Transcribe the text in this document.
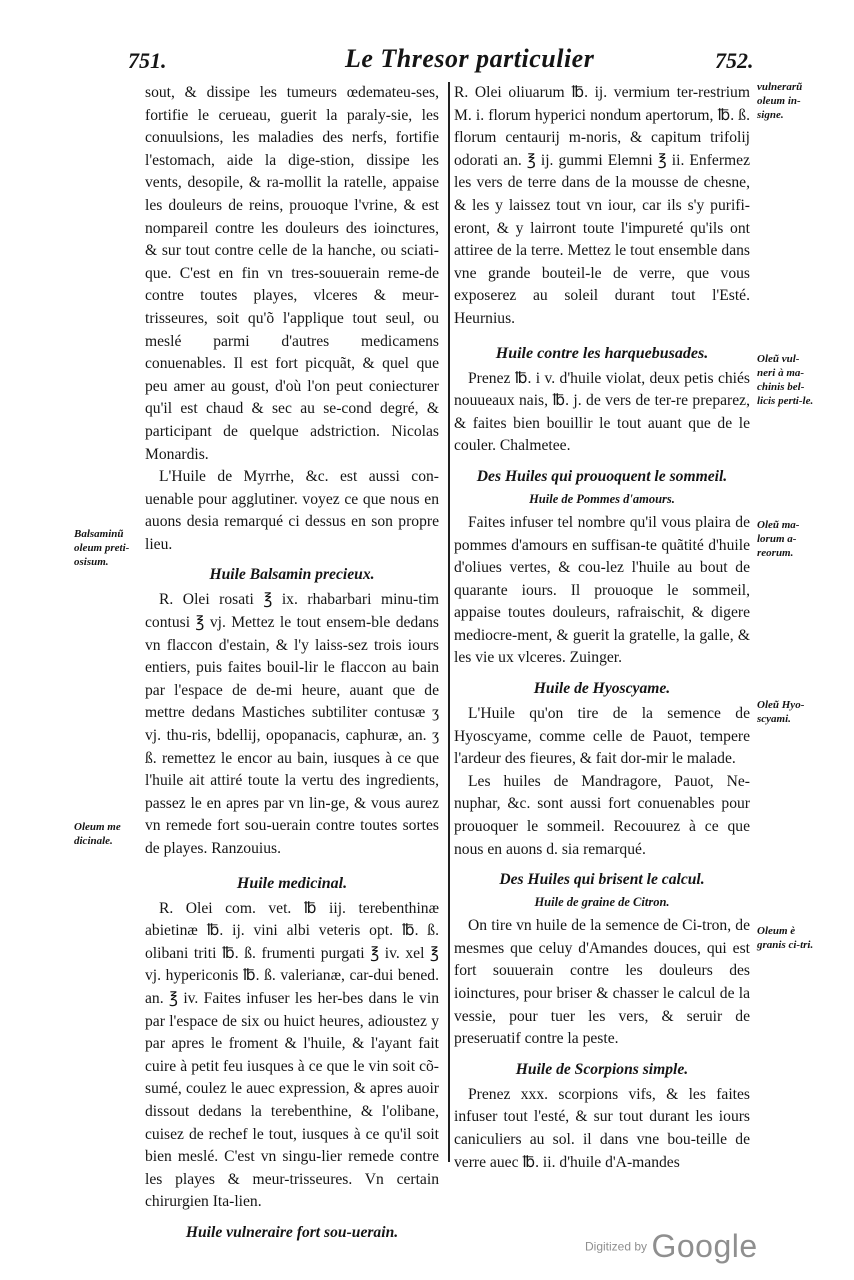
751.	Le Thresor particulier	752.

sout, & dissipe les tumeurs œdemateu-ses, fortifie le cerueau, guerit la paraly-sie, les conuulsions, les maladies des nerfs, fortifie l'estomach, aide la dige-stion, dissipe les vents, desopile, & ra-mollit la ratelle, appaise les douleurs de reins, prouoque l'vrine, & est nompareil contre les douleurs des ioinctures, & sur tout contre celle de la hanche, ou sciati-que. C'est en fin vn tres-souuerain reme-de contre toutes playes, vlceres & meur-trisseures, soit qu'õ l'applique tout seul, ou meslé parmi d'autres medicamens conuenables. Il est fort picquãt, & quel que peu amer au goust, d'où l'on peut coniecturer qu'il est chaud & sec au se-cond degré, & participant de quelque adstriction. Nicolas Monardis.

L'Huile de Myrrhe, &c. est aussi con-uenable pour agglutiner. voyez ce que nous en auons desia remarqué ci dessus en son propre lieu.

Huile Balsamin precieux.

R. Olei rosati ℥ ix. rhabarbari minu-tim contusi ℥ vj. Mettez le tout ensem-ble dedans vn flaccon d'estain, & l'y laiss-sez trois iours entiers, puis faites bouil-lir le flaccon au bain par l'espace de de-mi heure, auant que de mettre dedans Mastiches subtiliter contusæ ʒ vj. thu-ris, bdellij, opopanacis, caphuræ, an. ʒ ß. remettez le encor au bain, iusques à ce que l'huile ait attiré toute la vertu des ingredients, passez le en apres par vn lin-ge, & vous aurez vn remede fort sou-uerain contre toutes sortes de playes. Ranzouius.

Huile medicinal.

R. Olei com. vet. ℔ iij. terebenthinæ abietinæ ℔. ij. vini albi veteris opt. ℔. ß. olibani triti ℔. ß. frumenti purgati ℥ iv. xel ℥ vj. hypericonis ℔. ß. valerianæ, car-dui bened. an. ℥ iv. Faites infuser les her-bes dans le vin par l'espace de six ou huict heures, adioustez y par apres le froment & l'huile, & l'ayant fait cuire à petit feu iusques à ce que le vin soit cõ-sumé, coulez le auec expression, & apres auoir dissout dedans la terebenthine, & l'olibane, cuisez de rechef le tout, iusques à ce qu'il soit bien meslé. C'est vn singu-lier remede contre les playes & meur-trisseures. Vn certain chirurgien Ita-lien.

Huile vulneraire fort sou-uerain.

R. Olei oliuarum ℔. ij. vermium ter-restrium M. i. florum hyperici nondum apertorum, ℔. ß. florum centaurij m-noris, & capitum trifolij odorati an. ℥ ij. gummi Elemni ℥ ii. Enfermez les vers de terre dans de la mousse de chesne, & les y laissez tout vn iour, car ils s'y purifi-eront, & y lairront toute l'impureté qu'ils ont attiree de la terre. Mettez le tout ensemble dans vne grande bouteil-le de verre, que vous exposerez au soleil durant tout l'Esté. Heurnius.

Huile contre les harquebusades.

Prenez ℔. i v. d'huile violat, deux petis chiés nouueaux nais, ℔. j. de vers de ter-re preparez, & faites bien bouillir le tout auant que de le couler. Chalmetee.

Des Huiles qui prouoquent le sommeil.
Huile de Pommes d'amours.

Faites infuser tel nombre qu'il vous plaira de pommes d'amours en suffisan-te quãtité d'huile d'oliues vertes, & cou-lez l'huile au bout de quarante iours. Il prouoque le sommeil, appaise toutes douleurs, rafraischit, & digere mediocre-ment, & guerit la gratelle, la galle, & les vie ux vlceres. Zuinger.

Huile de Hyoscyame.

L'Huile qu'on tire de la semence de Hyoscyame, comme celle de Pauot, tempere l'ardeur des fieures, & fait dor-mir le malade.

Les huiles de Mandragore, Pauot, Ne-nuphar, &c. sont aussi fort conuenables pour prouoquer le sommeil. Recouurez à ce que nous en auons d. sia remarqué.

Des Huiles qui brisent le calcul.
Huile de graine de Citron.

On tire vn huile de la semence de Ci-tron, de mesmes que celuy d'Amandes douces, qui est fort souuerain contre les douleurs des ioinctures, pour briser & chasser le calcul de la vessie, pour tuer les vers, & seruir de preseruatif contre la peste.

Huile de Scorpions simple.

Prenez xxx. scorpions vifs, & les faites infuser tout l'esté, & sur tout durant les iours caniculiers au sol. il dans vne bou-teille de verre auec ℔. ii. d'huile d'A-mandes

Balsaminũ oleum preti-osisum.
Oleum me dicinale.
vulnerarũ oleum in-signe.
Oleũ vul-neri à ma-chinis bel-licis perti-le.
Oleũ ma-lorum a-reorum.
Oleũ Hyo-scyami.
Oleum è granis ci-tri.
Digitized by Google
